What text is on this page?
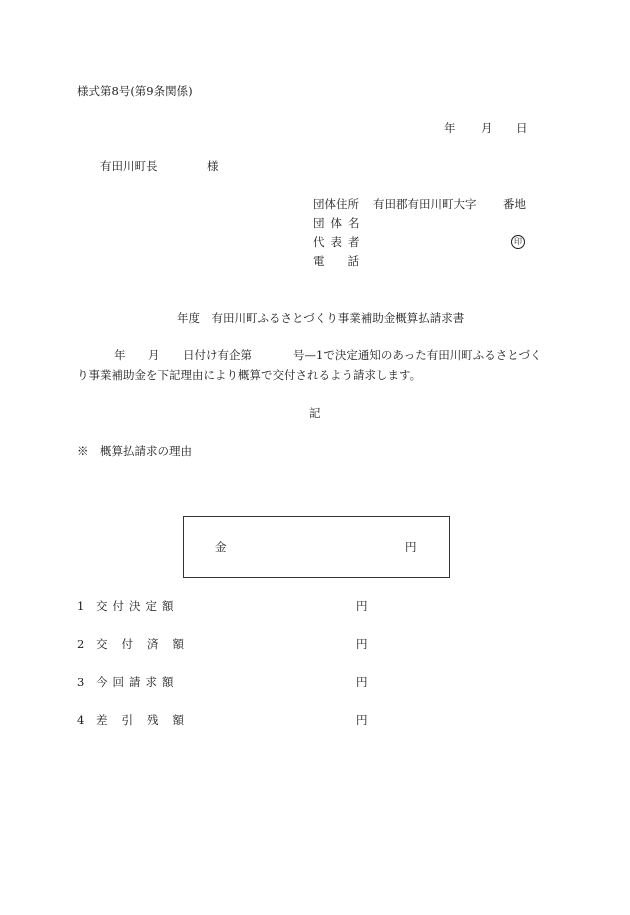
様式第8号(第9条関係)
年 月 日
有田川町長	様
団体住所 有田郡有田川町大字 番地
団体名
代表者	印
電話
年度　有田川町ふるさとづくり事業補助金概算払請求書
年 月 日付け有企第	号—1で決定通知のあった有田川町ふるさとづく
り事業補助金を下記理由により概算で交付されるよう請求します。
記
※　概算払請求の理由
金	円
1 交付決定額	円
2 交付済額	円
3 今回請求額	円
4 差引残額	円
